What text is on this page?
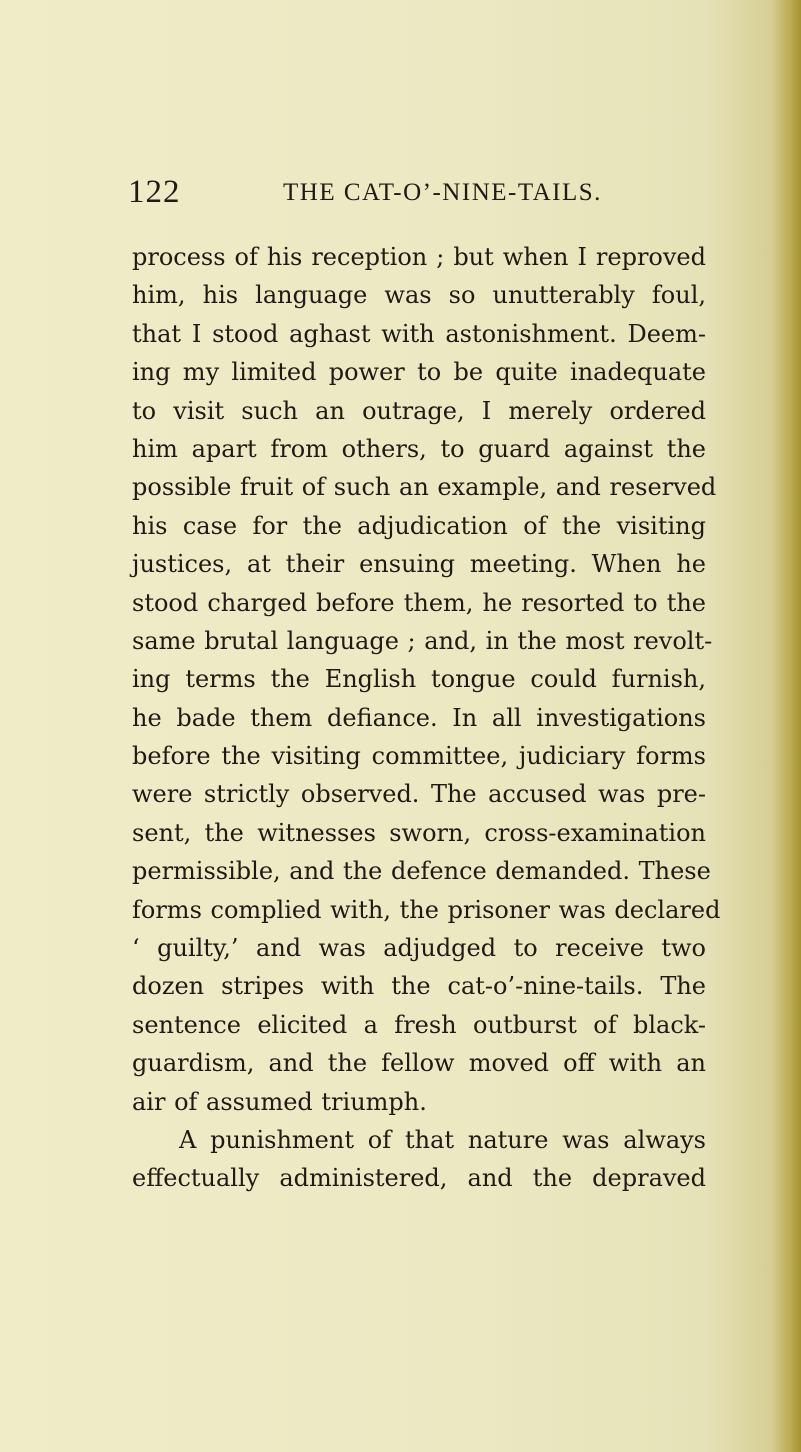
122	THE CAT-O’-NINE-TAILS.
process of his reception ; but when I reproved
him, his language was so unutterably foul,
that I stood aghast with astonishment. Deem-
ing my limited power to be quite inadequate
to visit such an outrage, I merely ordered
him apart from others, to guard against the
possible fruit of such an example, and reserved
his case for the adjudication of the visiting
justices, at their ensuing meeting. When he
stood charged before them, he resorted to the
same brutal language ; and, in the most revolt-
ing terms the English tongue could furnish,
he bade them defiance. In all investigations
before the visiting committee, judiciary forms
were strictly observed. The accused was pre-
sent, the witnesses sworn, cross-examination
permissible, and the defence demanded. These
forms complied with, the prisoner was declared
‘ guilty,’ and was adjudged to receive two
dozen stripes with the cat-o’-nine-tails. The
sentence elicited a fresh outburst of black-
guardism, and the fellow moved off with an
air of assumed triumph.
A punishment of that nature was always
effectually administered, and the depraved
